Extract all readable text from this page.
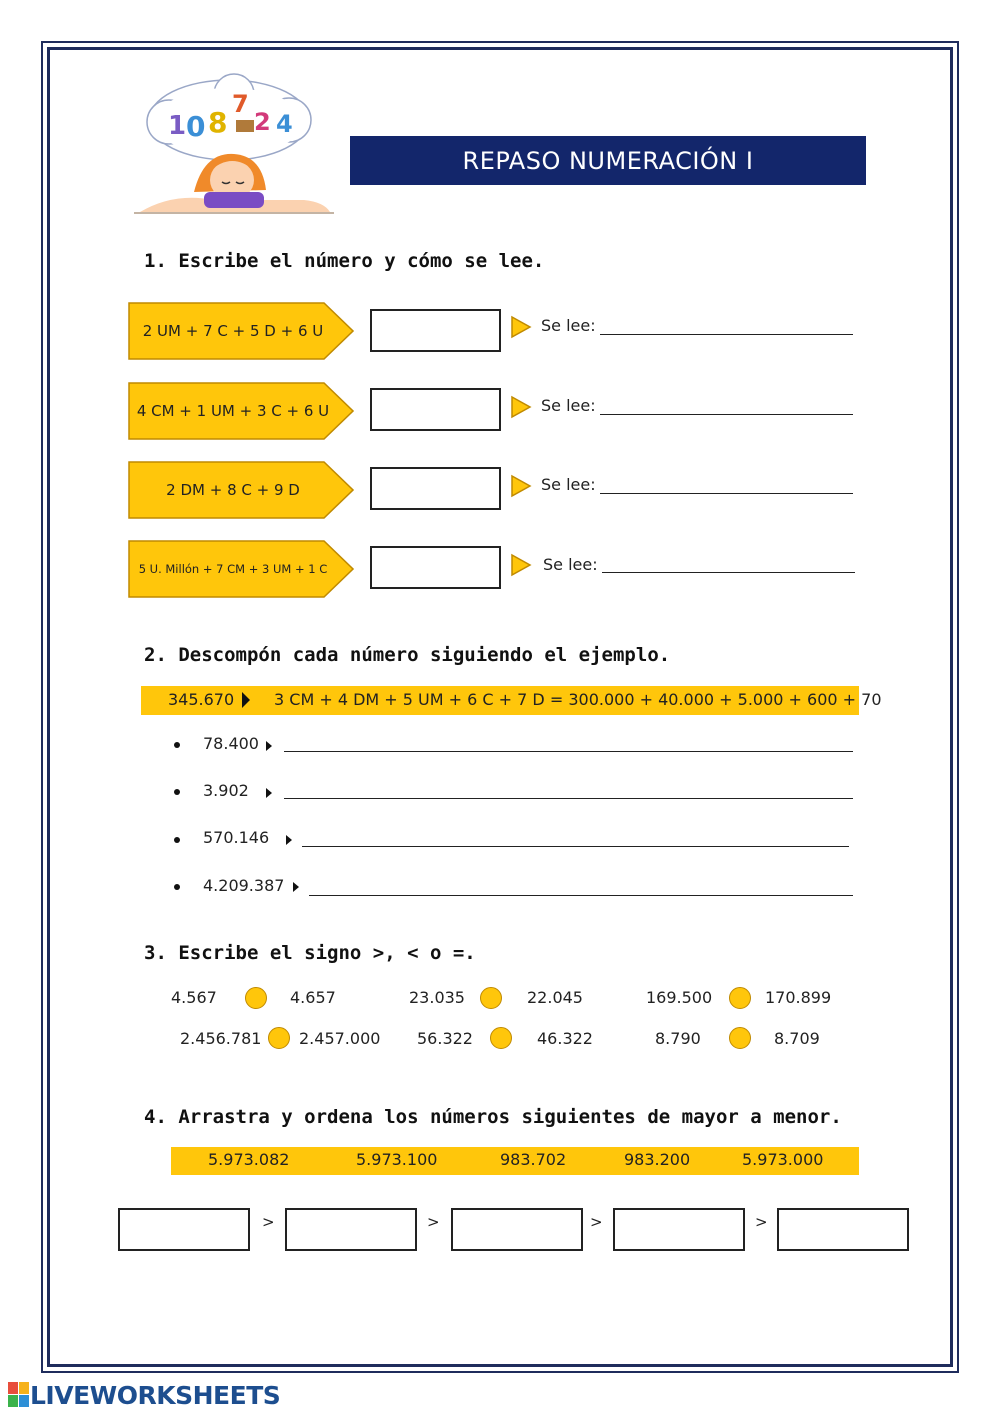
1 0 8
7
2 4
REPASO NUMERACIÓN I
1. Escribe el número y cómo se lee.
2 UM + 7 C + 5 D + 6 U	Se lee:
4 CM + 1 UM + 3 C + 6 U	Se lee:
2 DM + 8 C + 9 D	Se lee:
5 U. Millón + 7 CM + 3 UM + 1 C	Se lee:
2. Descompón cada número siguiendo el ejemplo.
345.670 3 CM + 4 DM + 5 UM + 6 C + 7 D = 300.000 + 40.000 + 5.000 + 600 + 70
78.400
3.902
570.146
4.209.387
3. Escribe el signo >, < o =.
4.567	4.657	23.035	22.045	169.500	170.899
2.456.781 2.457.000 56.322	46.322	8.790	8.709
4. Arrastra y ordena los números siguientes de mayor a menor.
5.973.082	5.973.100	983.702	983.200	5.973.000
>	>	>	>
LIVEWORKSHEETS
